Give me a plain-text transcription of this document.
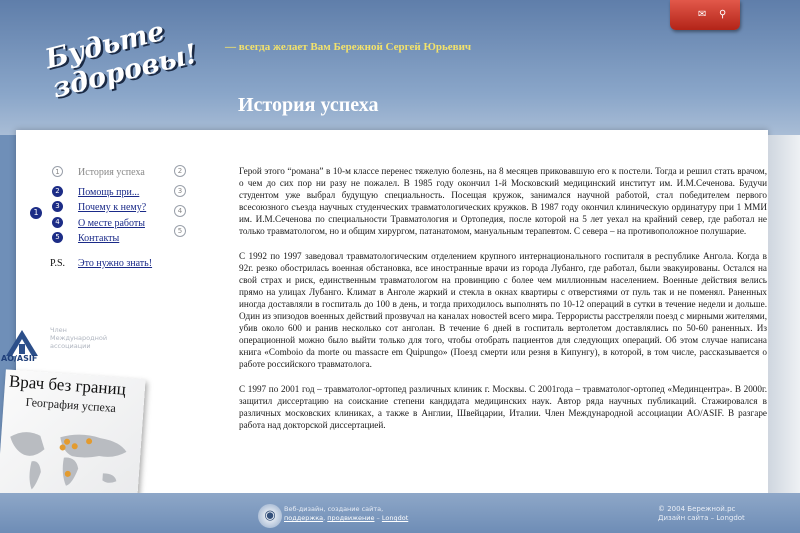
Будьте здоровы! — всегда желает Вам Бережной Сергей Юрьевич
История успеха
✉ ⚲
1
1	История успеха
2	Помощь при...
3	Почему к нему?
4	О месте работы
5	Контакты
2
3
4
5
P.S. Это нужно знать!

Герой этого “романа” в 10-м классе перенес тяжелую болезнь, на 8 месяцев приковавшую его к постели. Тогда и решил стать врачом, о чем до сих пор ни разу не пожалел. В 1985 году окончил 1-й Московский медицинский институт им. И.М.Сеченова. Будучи студентом уже выбрал будущую специальность. Посещая кружок, занимался научной работой, стал победителем первого всесоюзного съезда научных студенческих травматологических кружков. В 1987 году окончил клиническую ординатуру при 1 ММИ им. И.М.Сеченова по специальности Травматология и Ортопедия, после которой на 5 лет уехал на крайний север, где работал не только травматологом, но и общим хирургом, патанатомом, мануальным терапевтом. С севера – на противоположное полушарие.

С 1992 по 1997 заведовал травматологическим отделением крупного интернационального госпиталя в республике Ангола. Когда в 92г. резко обострилась военная обстановка, все иностранные врачи из города Лубанго, где работал, были эвакуированы. Остался на свой страх и риск, единственным травматологом на провинцию с более чем миллионным населением. Военные действия велись прямо на улицах Лубанго. Климат в Анголе жаркий и стекла в окнах квартиры с отверстиями от пуль так и не поменял. Раненных иногда доставляли в госпиталь до 100 в день, и тогда приходилось выполнять по 10-12 операций в сутки в течение недели и дольше. Один из эпизодов военных действий прозвучал на каналах новостей всего мира. Террористы расстреляли поезд с мирными жителями, убив около 600 и ранив несколько сот анголан. В течение 6 дней в госпиталь вертолетом доставлялись по 50-60 раненных. Из операционной можно было выйти только для того, чтобы отобрать пациентов для следующих операций. Об этом случае написана книга «Comboio da morte ou massacre em Quipungo» (Поезд смерти или резня в Кипунгу), в которой, в том числе, рассказывается о работе российского травматолога.

С 1997 по 2001 год – травматолог-ортопед различных клиник г. Москвы. С 2001года – травматолог-ортопед «Мединцентра». В 2000г. защитил диссертацию на соискание степени кандидата медицинских наук. Автор ряда научных публикаций. Стажировался в различных московских клиниках, а также в Англии, Швейцарии, Италии. Член Международной ассоциации AO/ASIF. В разгаре работа над докторской диссертацией.

AO/ASIF
Член Международной ассоциации
Врач без границ
География успеха
◉	Веб-дизайн, создание сайта,
поддержка, продвижение – Longdot
© 2004 Бережной.рс
Дизайн сайта – Longdot
